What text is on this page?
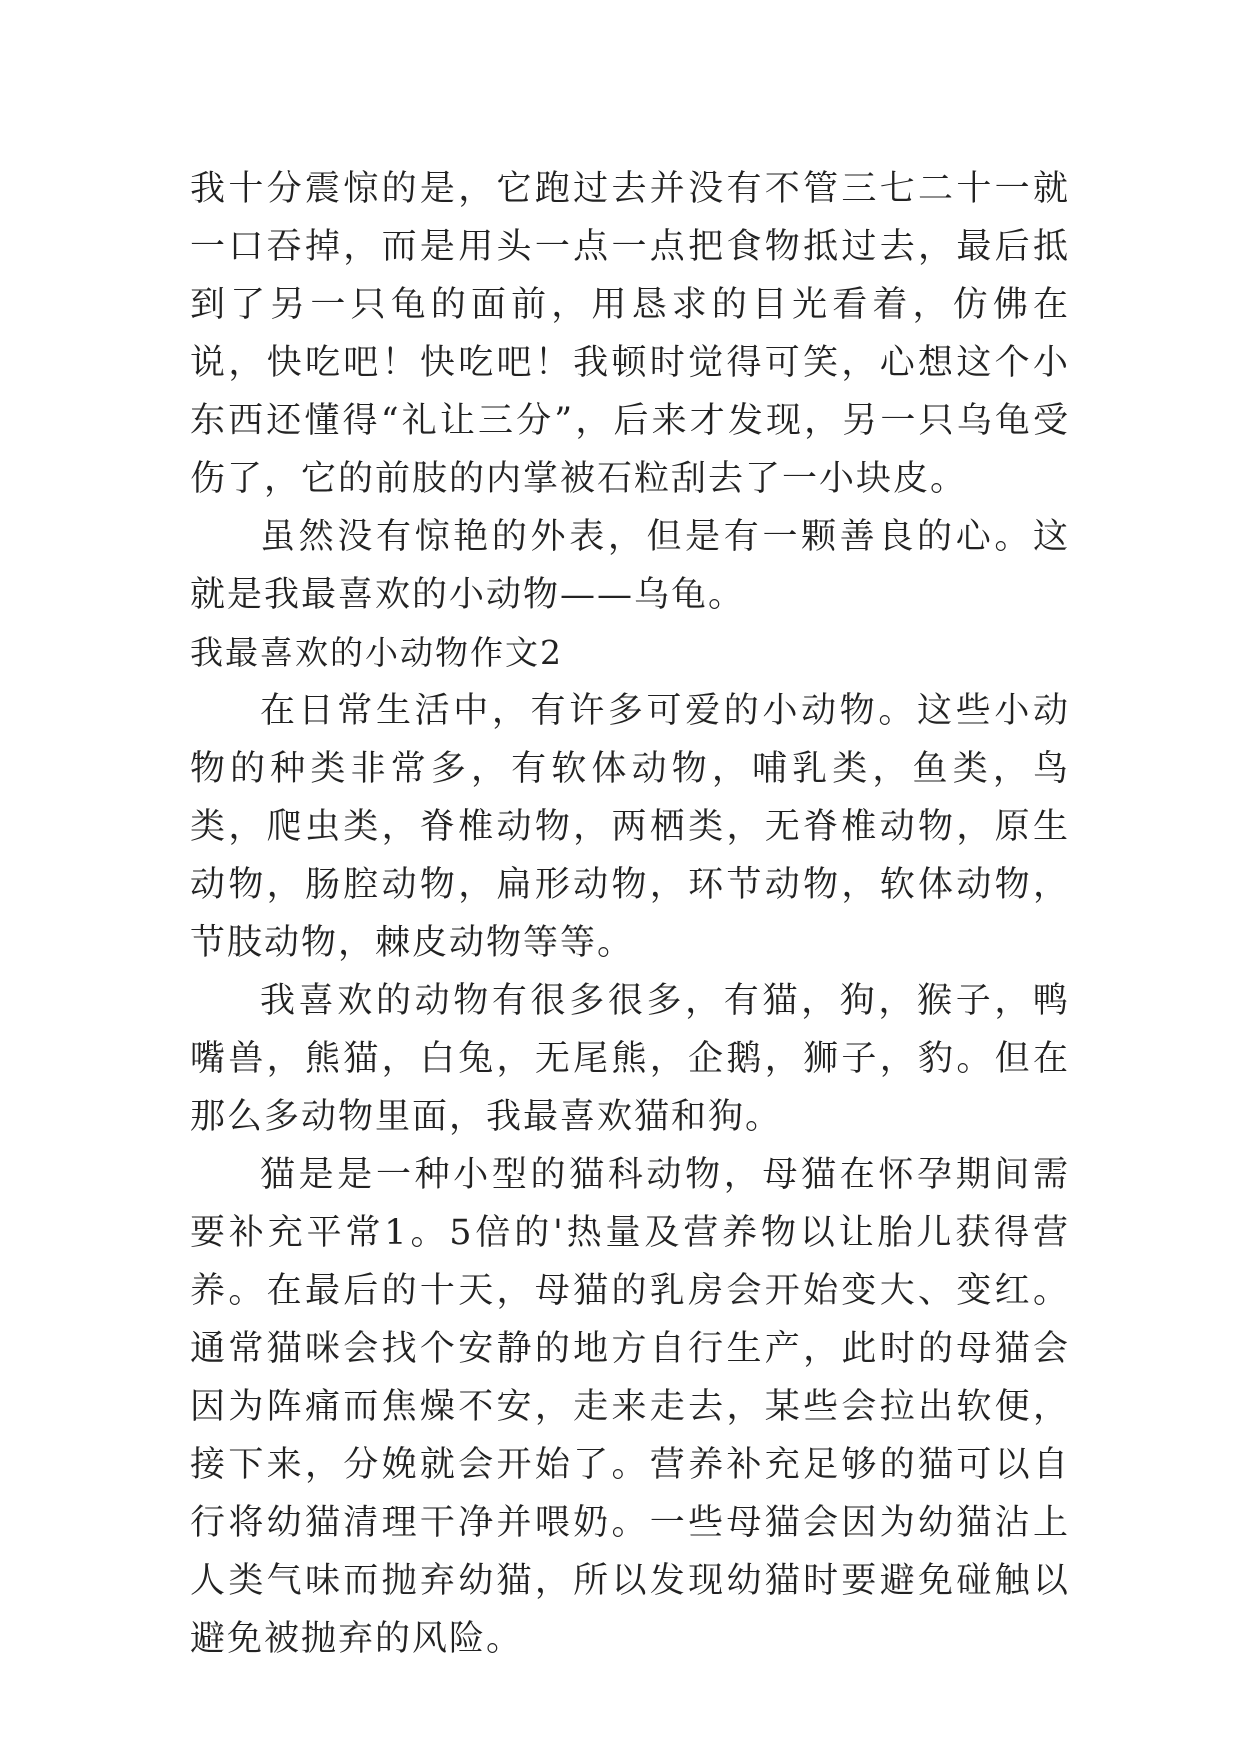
我十分震惊的是，它跑过去并没有不管三七二十一就一口吞掉，而是用头一点一点把食物抵过去，最后抵到了另一只龟的面前，用恳求的目光看着，仿佛在说，快吃吧！快吃吧！我顿时觉得可笑，心想这个小东西还懂得“礼让三分”，后来才发现，另一只乌龟受伤了，它的前肢的内掌被石粒刮去了一小块皮。

虽然没有惊艳的外表，但是有一颗善良的心。这就是我最喜欢的小动物——乌龟。

我最喜欢的小动物作文2

在日常生活中，有许多可爱的小动物。这些小动物的种类非常多，有软体动物，哺乳类，鱼类，鸟类，爬虫类，脊椎动物，两栖类，无脊椎动物，原生动物，肠腔动物，扁形动物，环节动物，软体动物，节肢动物，棘皮动物等等。

我喜欢的动物有很多很多，有猫，狗，猴子，鸭嘴兽，熊猫，白兔，无尾熊，企鹅，狮子，豹。但在那么多动物里面，我最喜欢猫和狗。

猫是是一种小型的猫科动物，母猫在怀孕期间需要补充平常1。5倍的'热量及营养物以让胎儿获得营养。在最后的十天，母猫的乳房会开始变大、变红。通常猫咪会找个安静的地方自行生产，此时的母猫会因为阵痛而焦燥不安，走来走去，某些会拉出软便，接下来，分娩就会开始了。营养补充足够的猫可以自行将幼猫清理干净并喂奶。一些母猫会因为幼猫沾上人类气味而抛弃幼猫，所以发现幼猫时要避免碰触以避免被抛弃的风险。
